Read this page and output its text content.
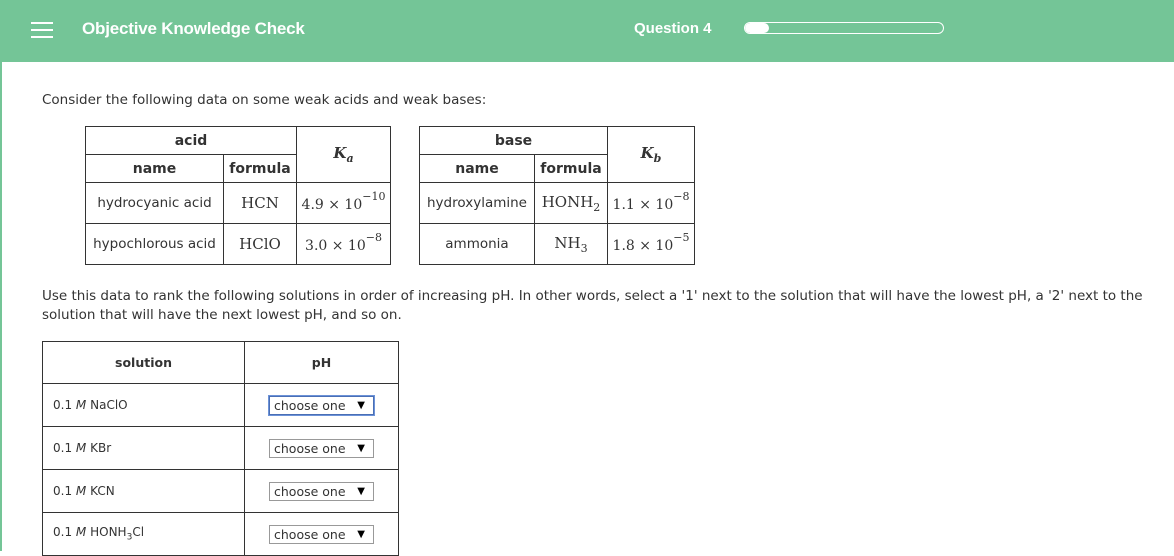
Objective Knowledge Check	Question 4
Consider the following data on some weak acids and weak bases:
acid		$K_a$
name	formula	
hydrocyanic acid	HCN	$4.9 \times 10^{-10}$
hypochlorous acid	HClO	$3.0 \times 10^{-8}$
base		$K_b$
name	formula	
hydroxylamine	$HONH_2$	$1.1 \times 10^{-8}$
ammonia	$NH_3$	$1.8 \times 10^{-5}$
Use this data to rank the following solutions in order of increasing pH. In other words, select a '1' next to the solution that will have the lowest pH, a '2' next to the solution that will have the next lowest pH, and so on.
solution	pH
0.1 M NaClO	choose one ▼

0.1 M KBr	choose one ▼

0.1 M KCN	choose one ▼

0.1 M $HONH_3Cl$	choose one ▼
